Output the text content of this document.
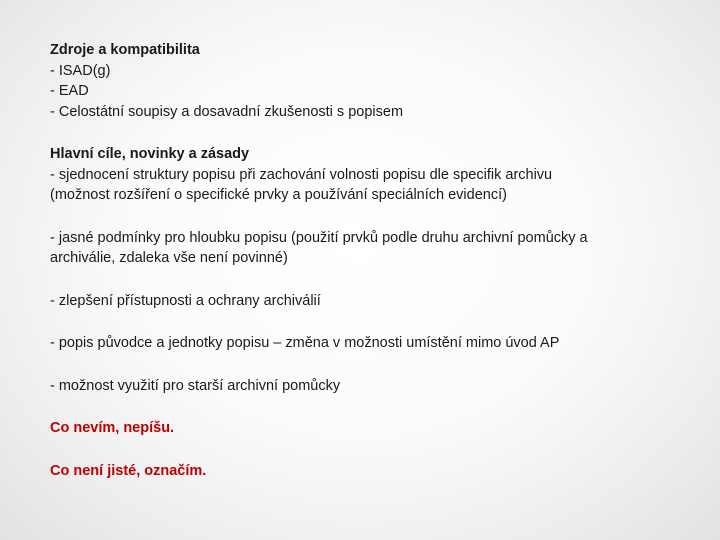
Zdroje a kompatibilita

- ISAD(g)

- EAD

- Celostátní soupisy a dosavadní zkušenosti s popisem

Hlavní cíle, novinky a zásady

- sjednocení struktury popisu při zachování volnosti popisu dle specifik archivu

(možnost rozšíření o specifické prvky a používání speciálních evidencí)

- jasné podmínky pro hloubku popisu (použití prvků podle druhu archivní pomůcky a

archiválie, zdaleka vše není povinné)

- zlepšení přístupnosti a ochrany archiválií

- popis původce a jednotky popisu – změna v možnosti umístění mimo úvod AP

- možnost využití pro starší archivní pomůcky

Co nevím, nepíšu.

Co není jisté, označím.
